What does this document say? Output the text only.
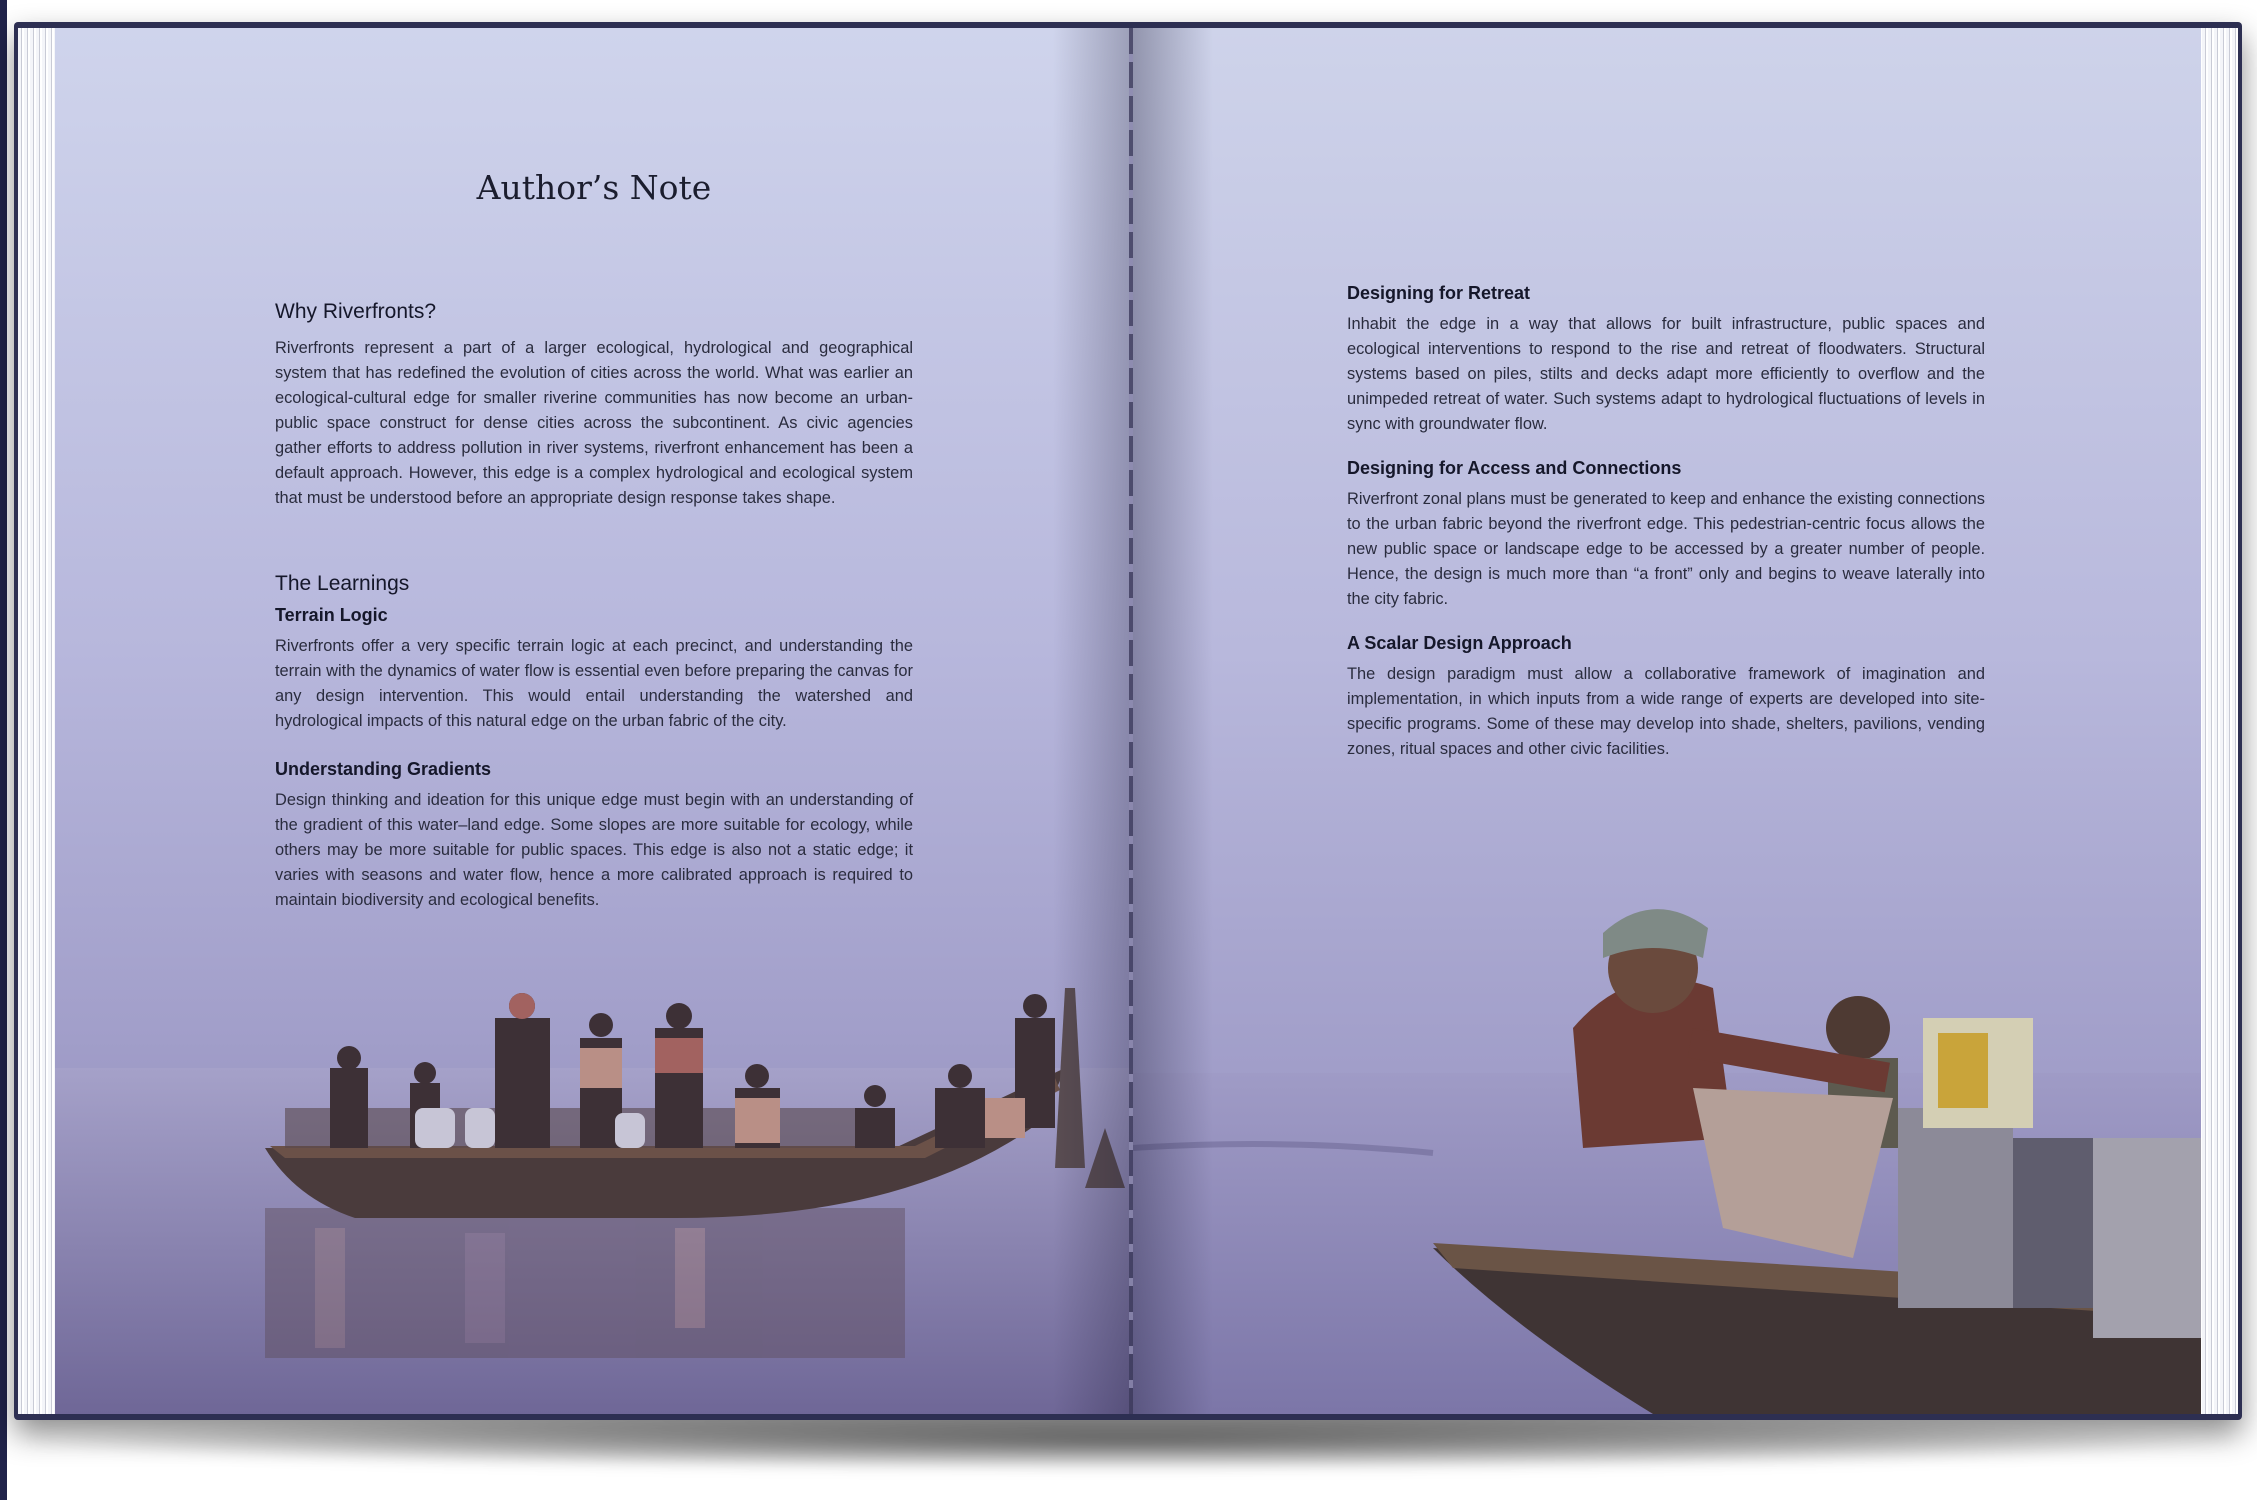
Author’s Note
Why Riverfronts?

Riverfronts represent a part of a larger ecological, hydrological and geographical system that has redefined the evolution of cities across the world. What was earlier an ecological-cultural edge for smaller riverine communities has now become an urban-public space construct for dense cities across the subcontinent. As civic agencies gather efforts to address pollution in river systems, riverfront enhancement has been a default approach. However, this edge is a complex hydrological and ecological system that must be understood before an appropriate design response takes shape.

The Learnings
Terrain Logic

Riverfronts offer a very specific terrain logic at each precinct, and understanding the terrain with the dynamics of water flow is essential even before preparing the canvas for any design intervention. This would entail understanding the watershed and hydrological impacts of this natural edge on the urban fabric of the city.

Understanding Gradients

Design thinking and ideation for this unique edge must begin with an understanding of the gradient of this water–land edge. Some slopes are more suitable for ecology, while others may be more suitable for public spaces. This edge is also not a static edge; it varies with seasons and water flow, hence a more calibrated approach is required to maintain biodiversity and ecological benefits.

Designing for Retreat

Inhabit the edge in a way that allows for built infrastructure, public spaces and ecological interventions to respond to the rise and retreat of floodwaters. Structural systems based on piles, stilts and decks adapt more efficiently to overflow and the unimpeded retreat of water. Such systems adapt to hydrological fluctuations of levels in sync with groundwater flow.

Designing for Access and Connections

Riverfront zonal plans must be generated to keep and enhance the existing connections to the urban fabric beyond the riverfront edge. This pedestrian-centric focus allows the new public space or landscape edge to be accessed by a greater number of people. Hence, the design is much more than “a front” only and begins to weave laterally into the city fabric.

A Scalar Design Approach

The design paradigm must allow a collaborative framework of imagination and implementation, in which inputs from a wide range of experts are developed into site-specific programs. Some of these may develop into shade, shelters, pavilions, vending zones, ritual spaces and other civic facilities.
